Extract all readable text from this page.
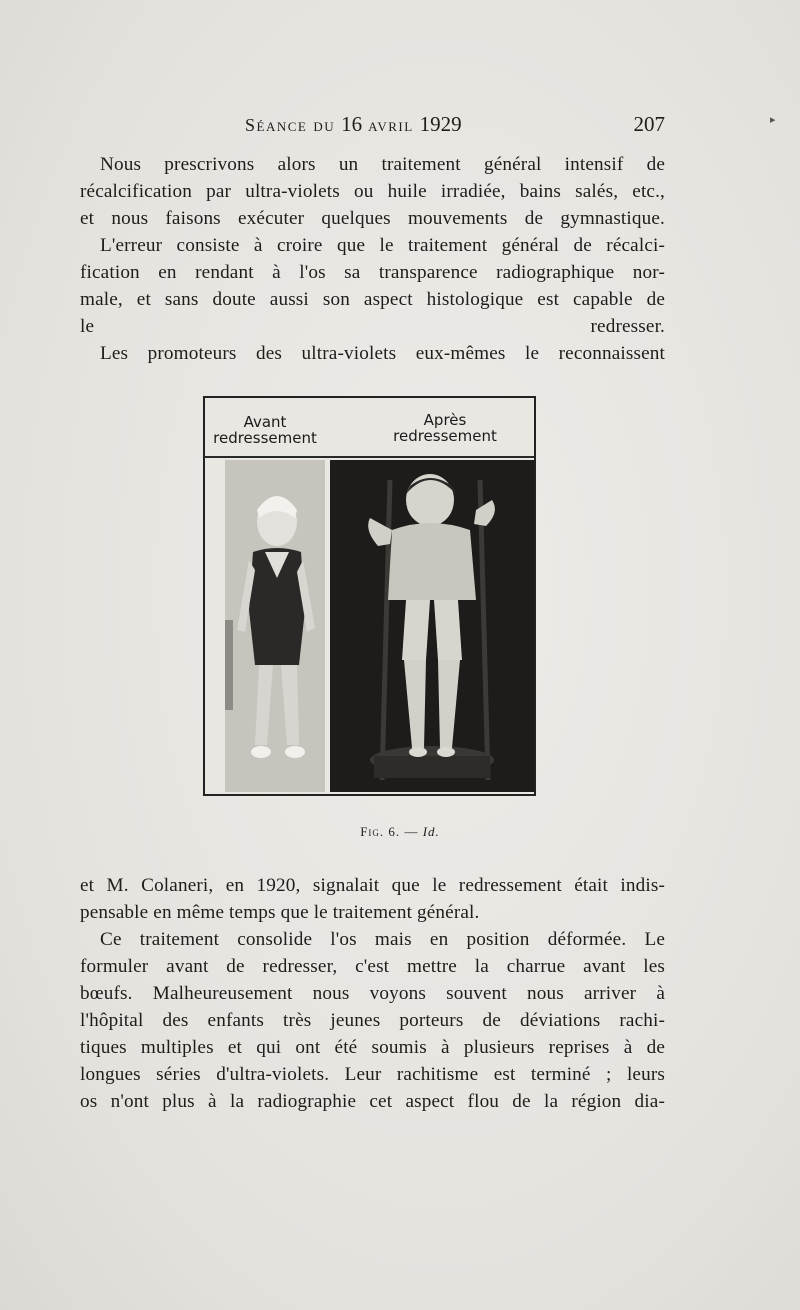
Séance du 16 avril 1929	207	▸
Nous prescrivons alors un traitement général intensif de
récalcification par ultra-violets ou huile irradiée, bains salés, etc.,
et nous faisons exécuter quelques mouvements de gymnastique.
L'erreur consiste à croire que le traitement général de récalci-
fication en rendant à l'os sa transparence radiographique nor-
male, et sans doute aussi son aspect histologique est capable de
le redresser.
Les promoteurs des ultra-violets eux-mêmes le reconnaissent
Avant
redressement
Après
redressement
Fig. 6. — Id.
et M. Colaneri, en 1920, signalait que le redressement était indis-
pensable en même temps que le traitement général.
Ce traitement consolide l'os mais en position déformée. Le
formuler avant de redresser, c'est mettre la charrue avant les
bœufs. Malheureusement nous voyons souvent nous arriver à
l'hôpital des enfants très jeunes porteurs de déviations rachi-
tiques multiples et qui ont été soumis à plusieurs reprises à de
longues séries d'ultra-violets. Leur rachitisme est terminé ; leurs
os n'ont plus à la radiographie cet aspect flou de la région dia-
